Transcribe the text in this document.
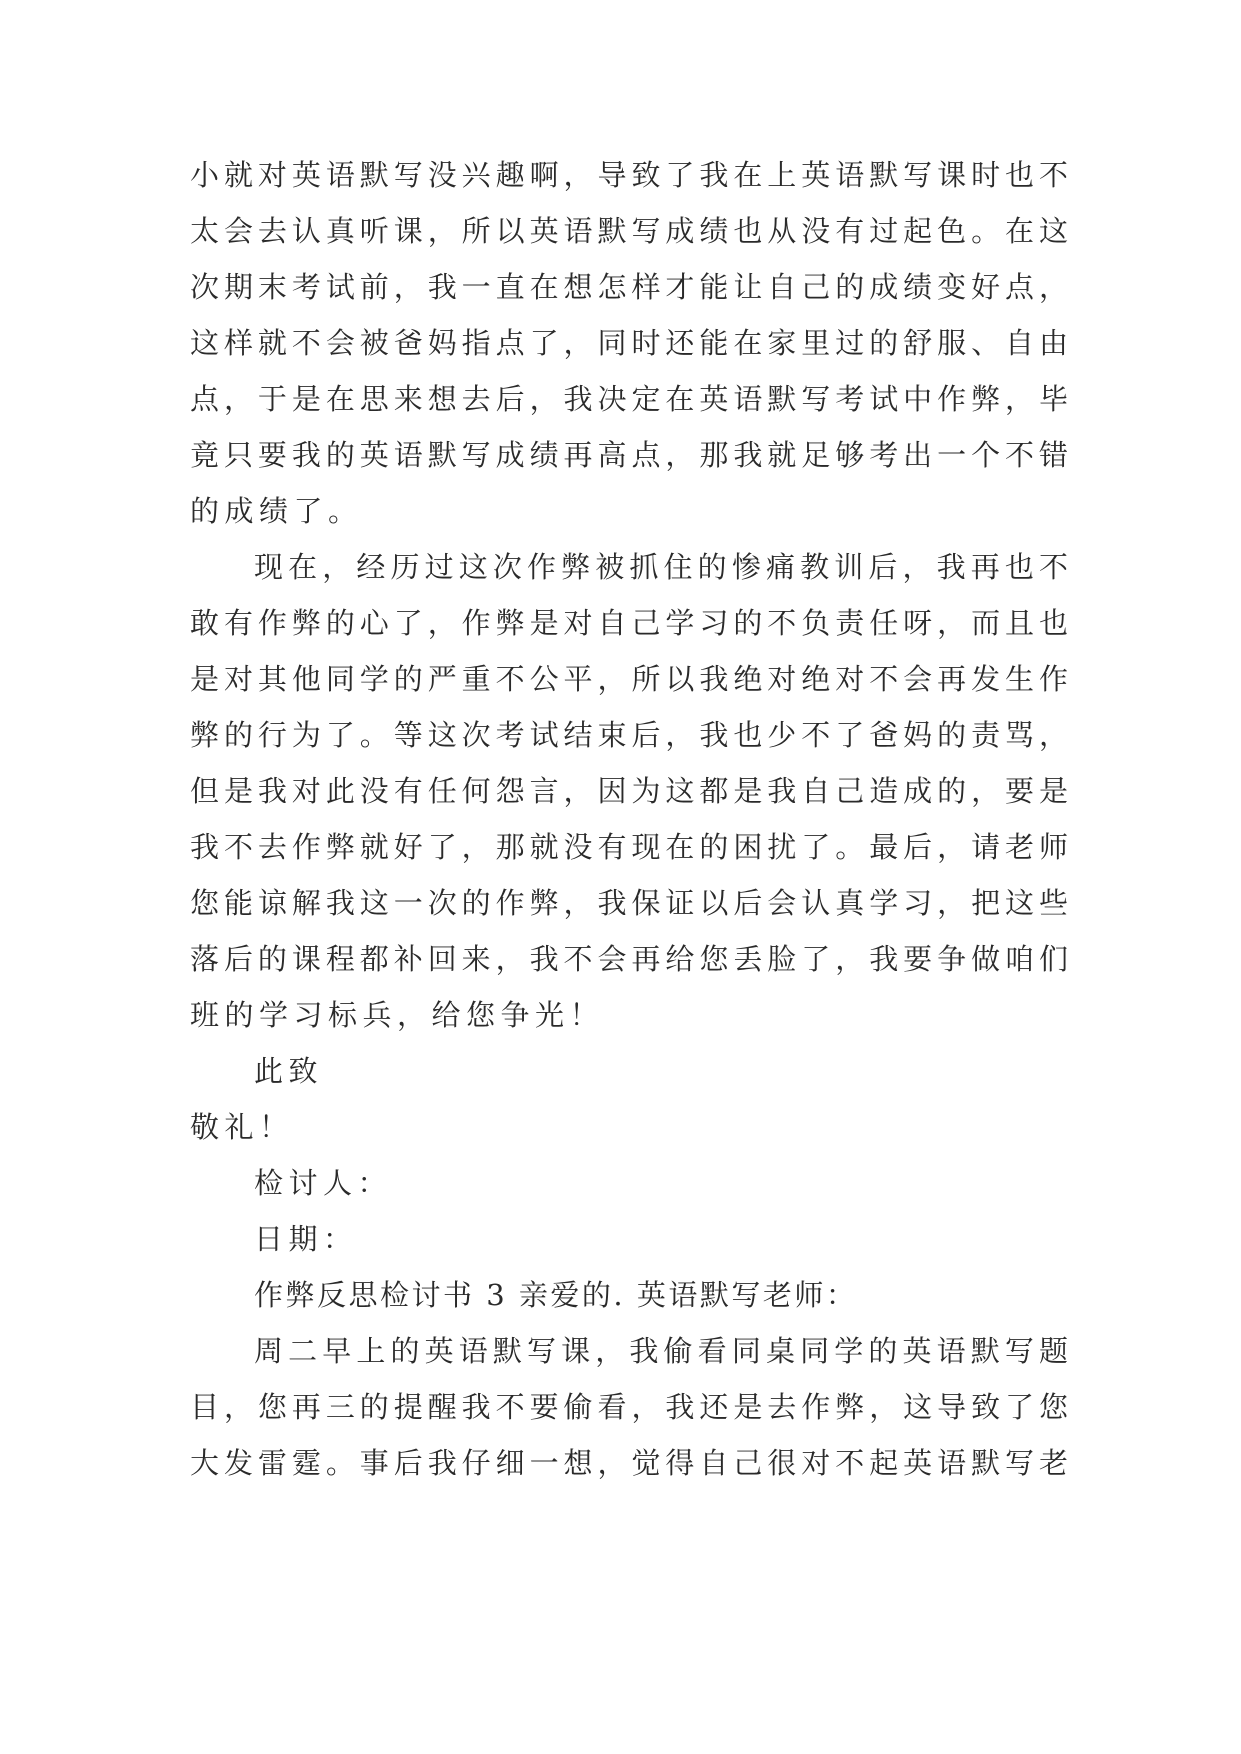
小就对英语默写没兴趣啊，导致了我在上英语默写课时也不
太会去认真听课，所以英语默写成绩也从没有过起色。在这
次期末考试前，我一直在想怎样才能让自己的成绩变好点，
这样就不会被爸妈指点了，同时还能在家里过的舒服、自由
点，于是在思来想去后，我决定在英语默写考试中作弊，毕
竟只要我的英语默写成绩再高点，那我就足够考出一个不错
的成绩了。
现在，经历过这次作弊被抓住的惨痛教训后，我再也不
敢有作弊的心了，作弊是对自己学习的不负责任呀，而且也
是对其他同学的严重不公平，所以我绝对绝对不会再发生作
弊的行为了。等这次考试结束后，我也少不了爸妈的责骂，
但是我对此没有任何怨言，因为这都是我自己造成的，要是
我不去作弊就好了，那就没有现在的困扰了。最后，请老师
您能谅解我这一次的作弊，我保证以后会认真学习，把这些
落后的课程都补回来，我不会再给您丢脸了，我要争做咱们
班的学习标兵，给您争光！
此致
敬礼！
检讨人：
日期：
作弊反思检讨书 3 亲爱的. 英语默写老师：
周二早上的英语默写课，我偷看同桌同学的英语默写题
目，您再三的提醒我不要偷看，我还是去作弊，这导致了您
大发雷霆。事后我仔细一想，觉得自己很对不起英语默写老
